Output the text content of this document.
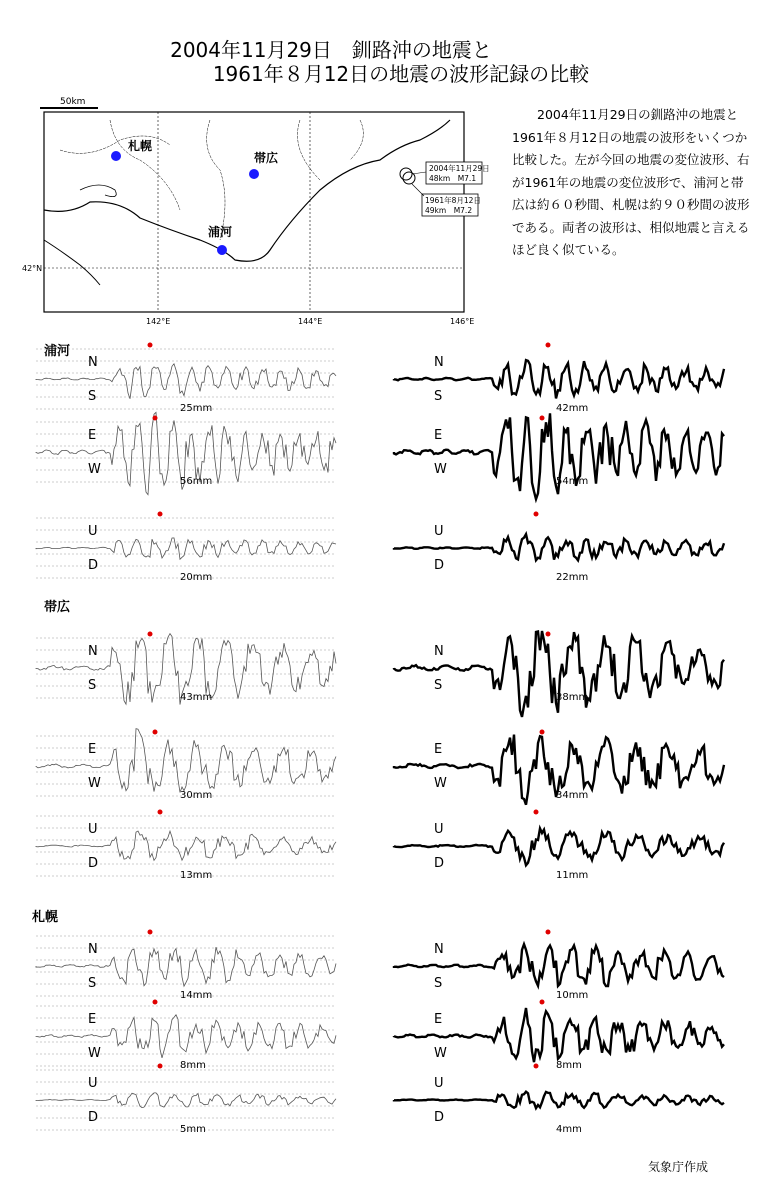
2004年11月29日　釧路沖の地震と
1961年８月12日の地震の波形記録の比較
50km
札幌
帯広
浦河
2004年11月29日
48km　M7.1
1961年8月12日
49km　M7.2
42°N
142°E	144°E	146°E
2004年11月29日の釧路沖の地震と1961年８月12日の地震の波形をいくつか比較した。左が今回の地震の変位波形、右が1961年の地震の変位波形で、浦河と帯広は約６０秒間、札幌は約９０秒間の波形である。両者の波形は、相似地震と言えるほど良く似ている。
浦河
帯広
札幌
N
S
N
S
25mm	42mm
E
W
E
W
56mm	54mm
U
D
U
D
20mm	22mm
N
S
N
S
43mm	38mm
E
W
E
W
30mm	34mm
U
D
U
D
13mm	11mm
N
S
N
S
14mm	10mm
E
W
E
W
8mm	8mm
U
D
U
D
5mm	4mm
気象庁作成
